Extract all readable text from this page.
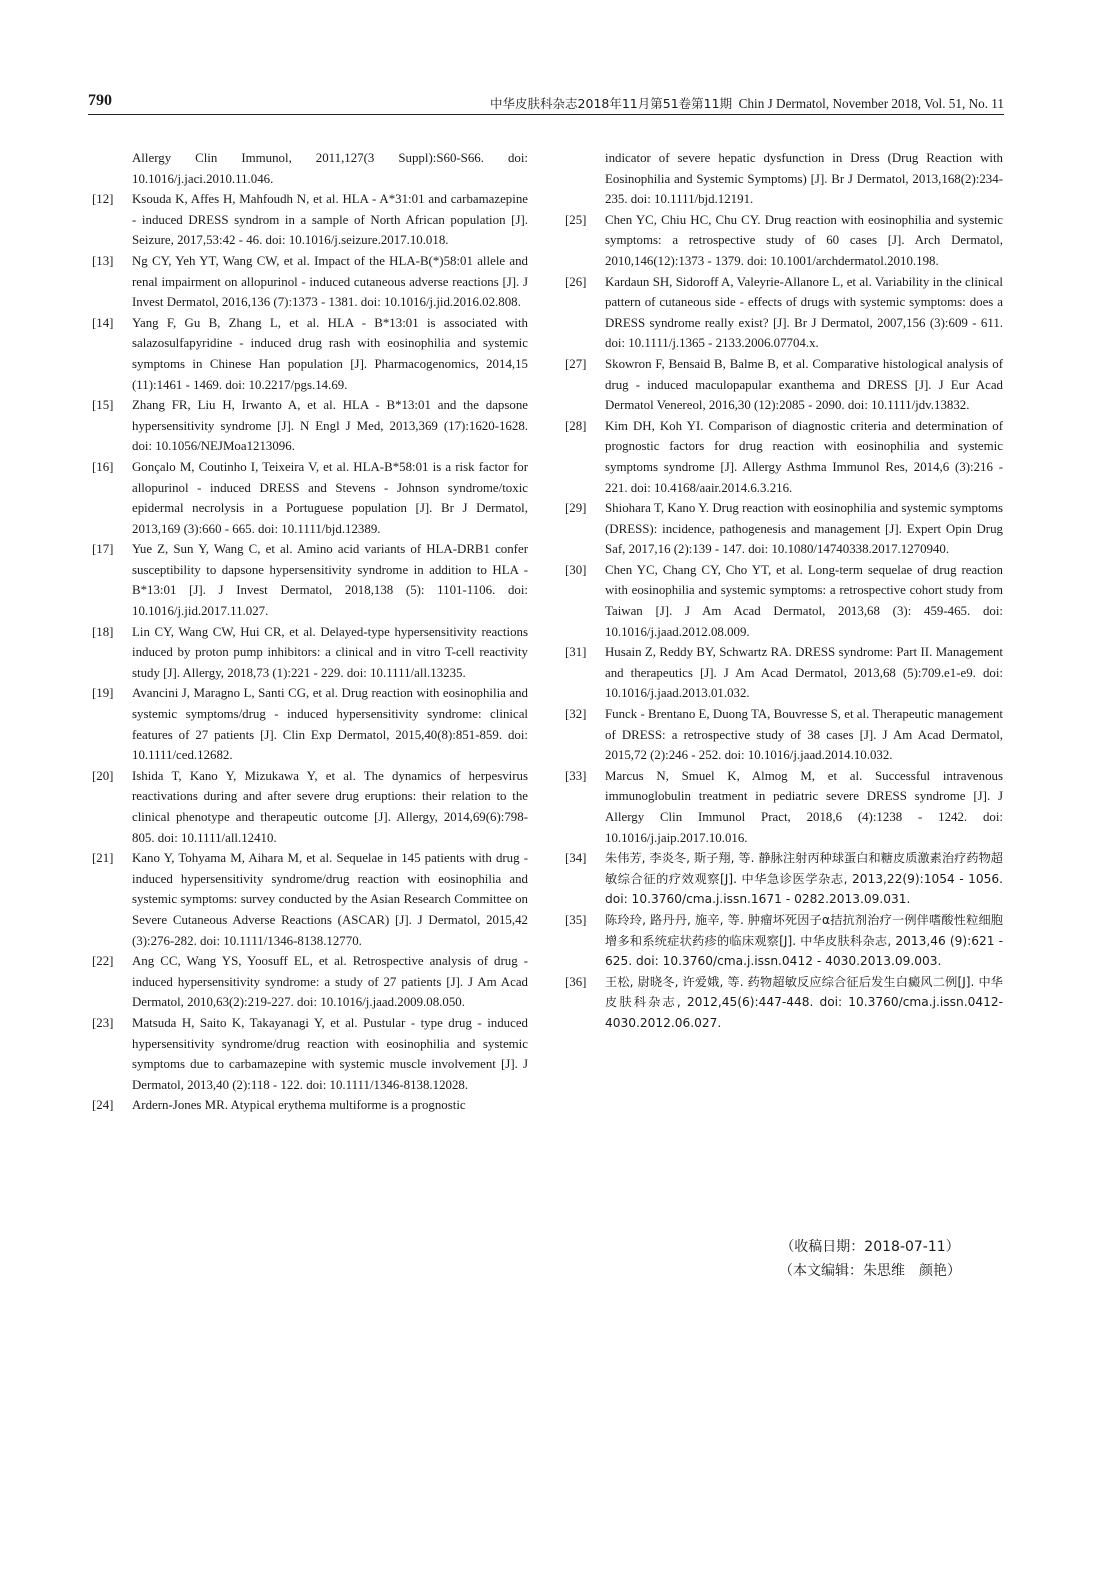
790	中华皮肤科杂志2018年11月第51卷第11期 Chin J Dermatol, November 2018, Vol. 51, No. 11

Allergy Clin Immunol, 2011,127(3 Suppl):S60-S66. doi: 10.1016/j.jaci.2010.11.046.

[12] Ksouda K, Affes H, Mahfoudh N, et al. HLA - A*31:01 and carbamazepine - induced DRESS syndrom in a sample of North African population [J]. Seizure, 2017,53:42 - 46. doi: 10.1016/j.seizure.2017.10.018.

[13] Ng CY, Yeh YT, Wang CW, et al. Impact of the HLA-B(*)58:01 allele and renal impairment on allopurinol - induced cutaneous adverse reactions [J]. J Invest Dermatol, 2016,136 (7):1373 - 1381. doi: 10.1016/j.jid.2016.02.808.

[14] Yang F, Gu B, Zhang L, et al. HLA - B*13:01 is associated with salazosulfapyridine - induced drug rash with eosinophilia and systemic symptoms in Chinese Han population [J]. Pharmacogenomics, 2014,15 (11):1461 - 1469. doi: 10.2217/pgs.14.69.

[15] Zhang FR, Liu H, Irwanto A, et al. HLA - B*13:01 and the dapsone hypersensitivity syndrome [J]. N Engl J Med, 2013,369 (17):1620-1628. doi: 10.1056/NEJMoa1213096.

[16] Gonçalo M, Coutinho I, Teixeira V, et al. HLA-B*58:01 is a risk factor for allopurinol - induced DRESS and Stevens - Johnson syndrome/toxic epidermal necrolysis in a Portuguese population [J]. Br J Dermatol, 2013,169 (3):660 - 665. doi: 10.1111/bjd.12389.

[17] Yue Z, Sun Y, Wang C, et al. Amino acid variants of HLA-DRB1 confer susceptibility to dapsone hypersensitivity syndrome in addition to HLA - B*13:01 [J]. J Invest Dermatol, 2018,138 (5): 1101-1106. doi: 10.1016/j.jid.2017.11.027.

[18] Lin CY, Wang CW, Hui CR, et al. Delayed-type hypersensitivity reactions induced by proton pump inhibitors: a clinical and in vitro T-cell reactivity study [J]. Allergy, 2018,73 (1):221 - 229. doi: 10.1111/all.13235.

[19] Avancini J, Maragno L, Santi CG, et al. Drug reaction with eosinophilia and systemic symptoms/drug - induced hypersensitivity syndrome: clinical features of 27 patients [J]. Clin Exp Dermatol, 2015,40(8):851-859. doi: 10.1111/ced.12682.

[20] Ishida T, Kano Y, Mizukawa Y, et al. The dynamics of herpesvirus reactivations during and after severe drug eruptions: their relation to the clinical phenotype and therapeutic outcome [J]. Allergy, 2014,69(6):798-805. doi: 10.1111/all.12410.

[21] Kano Y, Tohyama M, Aihara M, et al. Sequelae in 145 patients with drug - induced hypersensitivity syndrome/drug reaction with eosinophilia and systemic symptoms: survey conducted by the Asian Research Committee on Severe Cutaneous Adverse Reactions (ASCAR) [J]. J Dermatol, 2015,42 (3):276-282. doi: 10.1111/1346-8138.12770.

[22] Ang CC, Wang YS, Yoosuff EL, et al. Retrospective analysis of drug - induced hypersensitivity syndrome: a study of 27 patients [J]. J Am Acad Dermatol, 2010,63(2):219-227. doi: 10.1016/j.jaad.2009.08.050.

[23] Matsuda H, Saito K, Takayanagi Y, et al. Pustular - type drug - induced hypersensitivity syndrome/drug reaction with eosinophilia and systemic symptoms due to carbamazepine with systemic muscle involvement [J]. J Dermatol, 2013,40 (2):118 - 122. doi: 10.1111/1346-8138.12028.

[24] Ardern-Jones MR. Atypical erythema multiforme is a prognostic

indicator of severe hepatic dysfunction in Dress (Drug Reaction with Eosinophilia and Systemic Symptoms) [J]. Br J Dermatol, 2013,168(2):234-235. doi: 10.1111/bjd.12191.

[25] Chen YC, Chiu HC, Chu CY. Drug reaction with eosinophilia and systemic symptoms: a retrospective study of 60 cases [J]. Arch Dermatol, 2010,146(12):1373 - 1379. doi: 10.1001/archdermatol.2010.198.

[26] Kardaun SH, Sidoroff A, Valeyrie-Allanore L, et al. Variability in the clinical pattern of cutaneous side - effects of drugs with systemic symptoms: does a DRESS syndrome really exist? [J]. Br J Dermatol, 2007,156 (3):609 - 611. doi: 10.1111/j.1365 - 2133.2006.07704.x.

[27] Skowron F, Bensaid B, Balme B, et al. Comparative histological analysis of drug - induced maculopapular exanthema and DRESS [J]. J Eur Acad Dermatol Venereol, 2016,30 (12):2085 - 2090. doi: 10.1111/jdv.13832.

[28] Kim DH, Koh YI. Comparison of diagnostic criteria and determination of prognostic factors for drug reaction with eosinophilia and systemic symptoms syndrome [J]. Allergy Asthma Immunol Res, 2014,6 (3):216 - 221. doi: 10.4168/aair.2014.6.3.216.

[29] Shiohara T, Kano Y. Drug reaction with eosinophilia and systemic symptoms (DRESS): incidence, pathogenesis and management [J]. Expert Opin Drug Saf, 2017,16 (2):139 - 147. doi: 10.1080/14740338.2017.1270940.

[30] Chen YC, Chang CY, Cho YT, et al. Long-term sequelae of drug reaction with eosinophilia and systemic symptoms: a retrospective cohort study from Taiwan [J]. J Am Acad Dermatol, 2013,68 (3): 459-465. doi: 10.1016/j.jaad.2012.08.009.

[31] Husain Z, Reddy BY, Schwartz RA. DRESS syndrome: Part II. Management and therapeutics [J]. J Am Acad Dermatol, 2013,68 (5):709.e1-e9. doi: 10.1016/j.jaad.2013.01.032.

[32] Funck - Brentano E, Duong TA, Bouvresse S, et al. Therapeutic management of DRESS: a retrospective study of 38 cases [J]. J Am Acad Dermatol, 2015,72 (2):246 - 252. doi: 10.1016/j.jaad.2014.10.032.

[33] Marcus N, Smuel K, Almog M, et al. Successful intravenous immunoglobulin treatment in pediatric severe DRESS syndrome [J]. J Allergy Clin Immunol Pract, 2018,6 (4):1238 - 1242. doi: 10.1016/j.jaip.2017.10.016.

[34] 朱伟芳, 李炎冬, 斯子翔, 等. 静脉注射丙种球蛋白和糖皮质激素治疗药物超敏综合征的疗效观察[J]. 中华急诊医学杂志, 2013,22(9):1054 - 1056. doi: 10.3760/cma.j.issn.1671 - 0282.2013.09.031.

[35] 陈玲玲, 路丹丹, 施辛, 等. 肿瘤坏死因子α拮抗剂治疗一例伴嗜酸性粒细胞增多和系统症状药疹的临床观察[J]. 中华皮肤科杂志, 2013,46 (9):621 - 625. doi: 10.3760/cma.j.issn.0412 - 4030.2013.09.003.

[36] 王松, 尉晓冬, 许爱娥, 等. 药物超敏反应综合征后发生白癜风二例[J]. 中华皮肤科杂志, 2012,45(6):447-448. doi: 10.3760/cma.j.issn.0412-4030.2012.06.027.

（收稿日期：2018-07-11）
（本文编辑：朱思维　颜艳）
